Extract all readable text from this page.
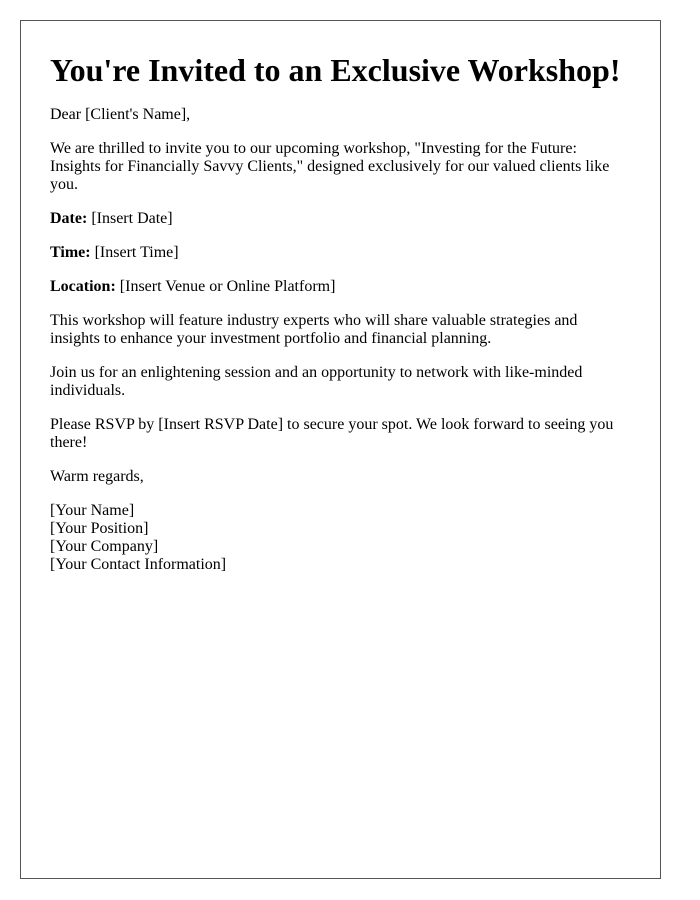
You're Invited to an Exclusive Workshop!

Dear [Client's Name],

We are thrilled to invite you to our upcoming workshop, "Investing for the Future: Insights for Financially Savvy Clients," designed exclusively for our valued clients like you.

Date: [Insert Date]

Time: [Insert Time]

Location: [Insert Venue or Online Platform]

This workshop will feature industry experts who will share valuable strategies and insights to enhance your investment portfolio and financial planning.

Join us for an enlightening session and an opportunity to network with like-minded individuals.

Please RSVP by [Insert RSVP Date] to secure your spot. We look forward to seeing you there!

Warm regards,

[Your Name]
[Your Position]
[Your Company]
[Your Contact Information]
